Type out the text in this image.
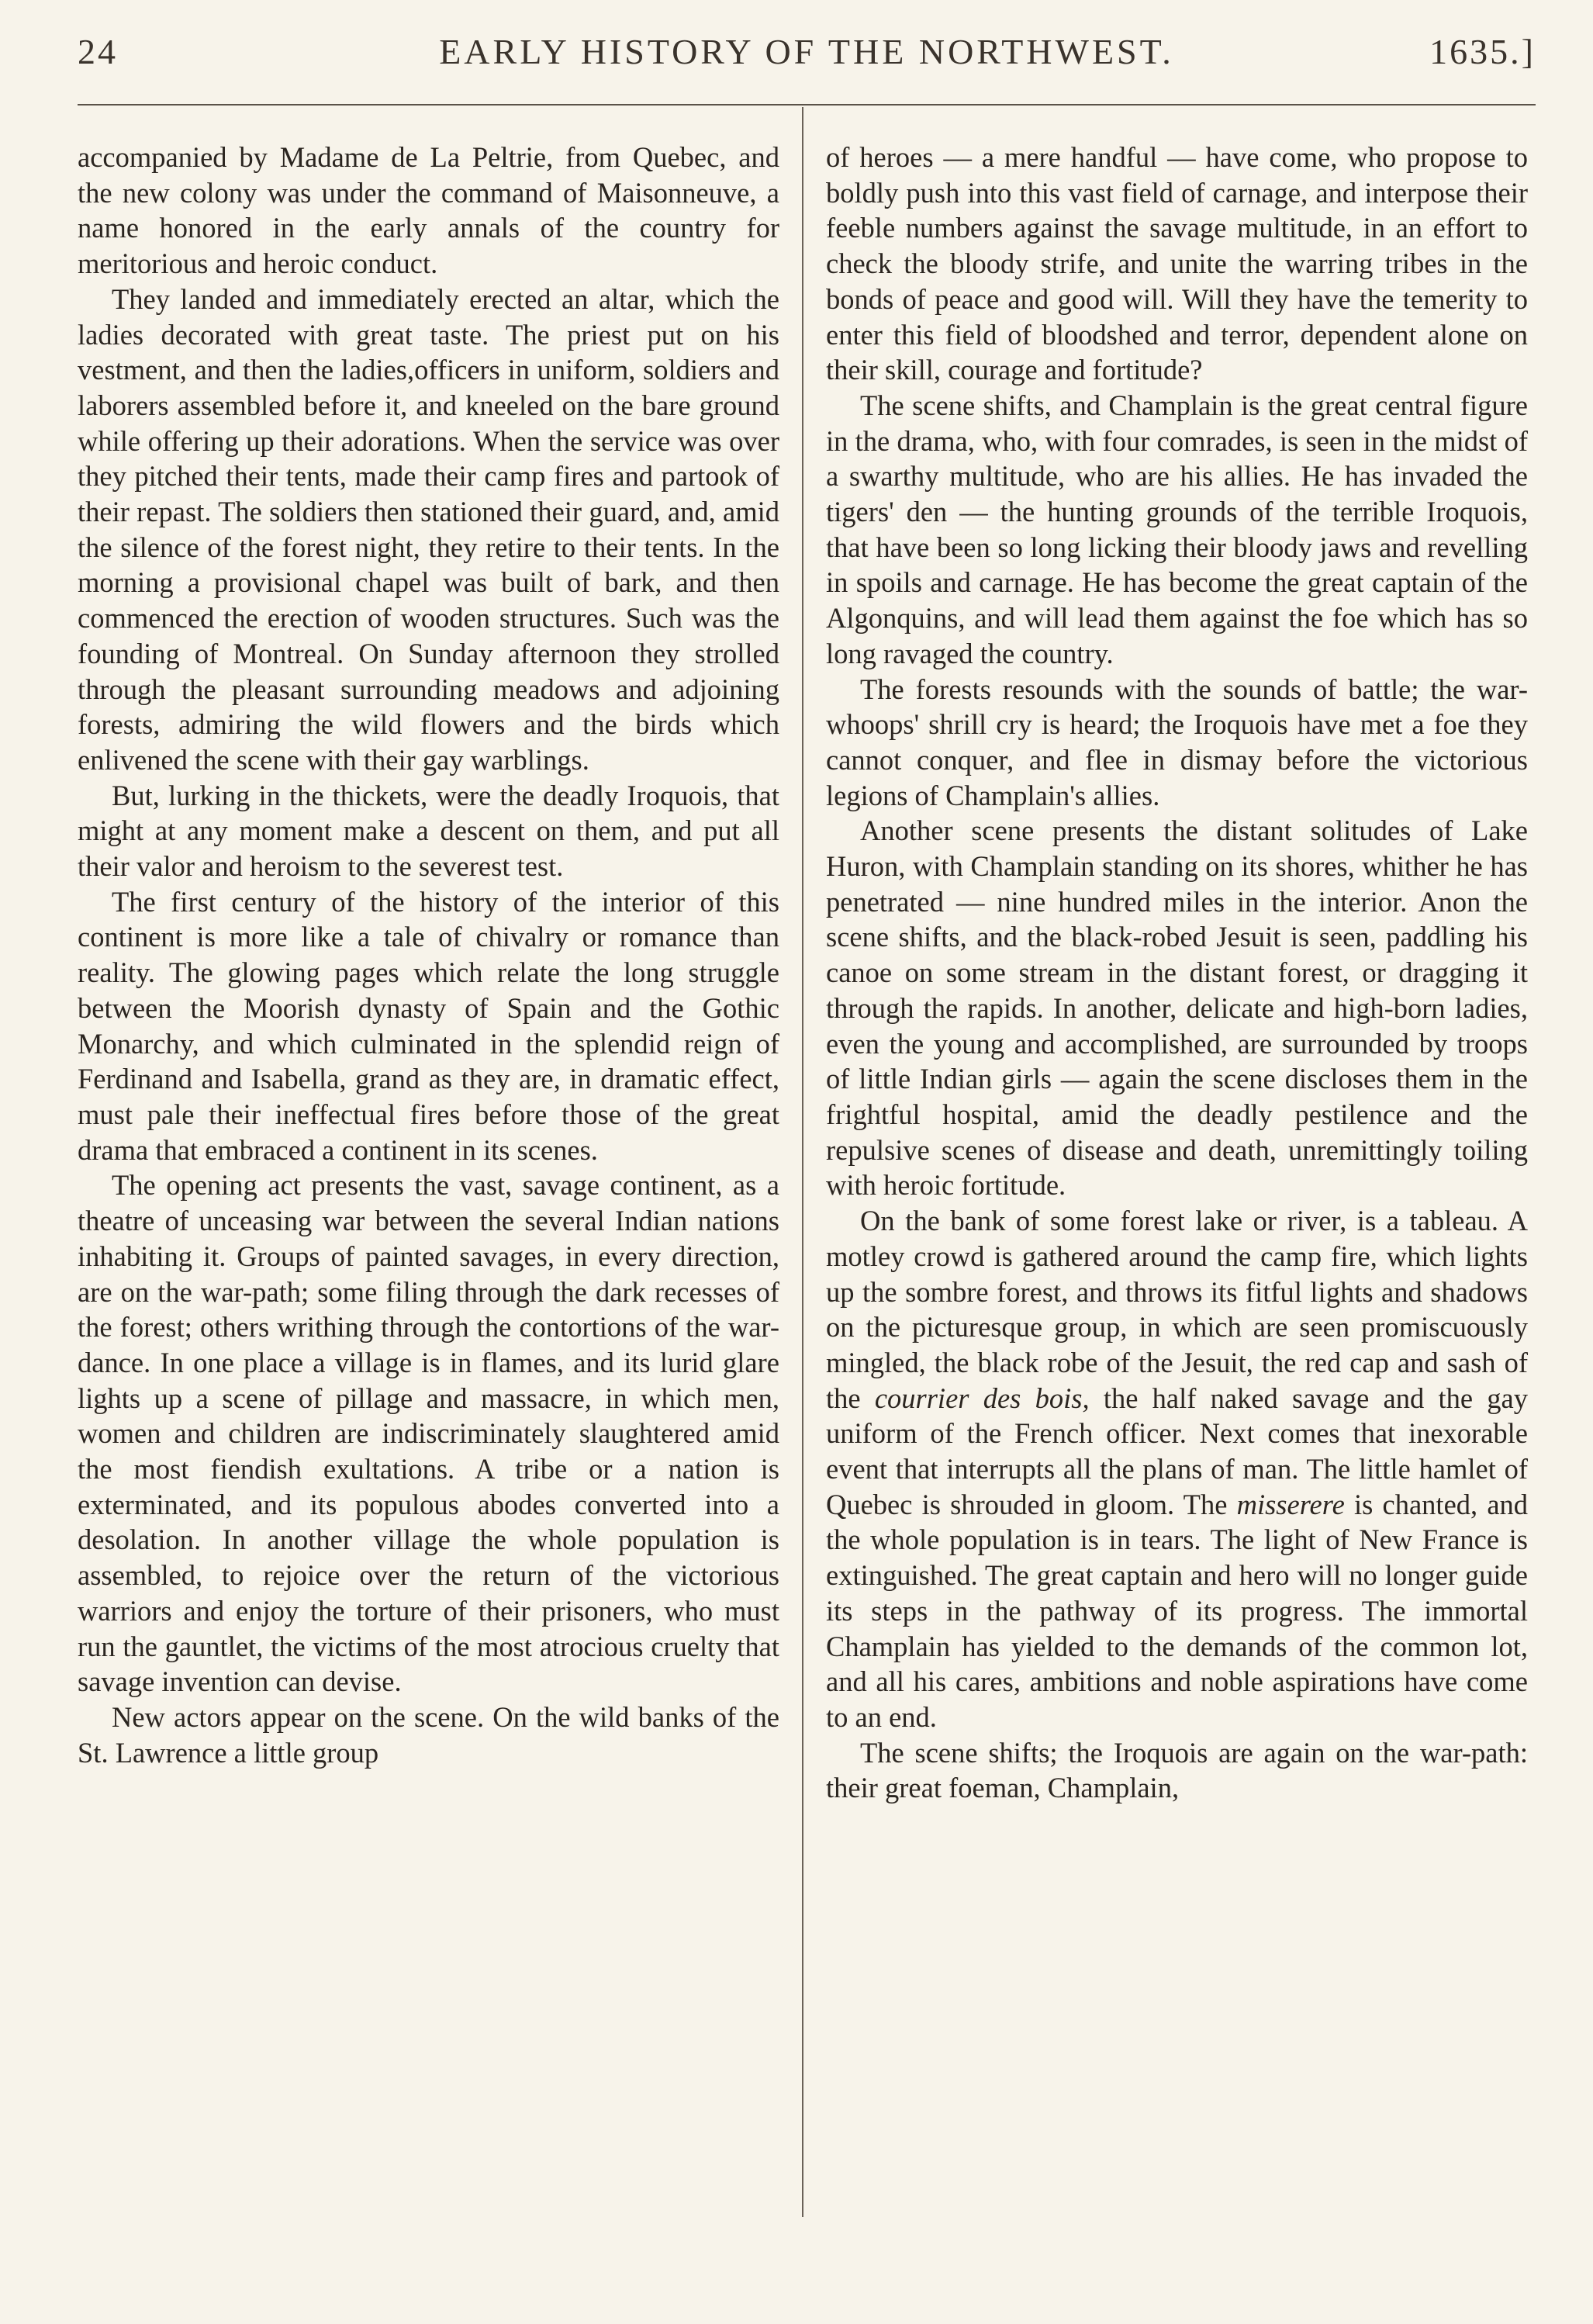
24	EARLY HISTORY OF THE NORTHWEST.	1635.]

accompanied by Madame de La Peltrie, from Quebec, and the new colony was under the command of Maisonneuve, a name honored in the early annals of the country for meritorious and heroic conduct.

They landed and immediately erected an altar, which the ladies decorated with great taste. The priest put on his vestment, and then the ladies,officers in uniform, soldiers and laborers assembled before it, and kneeled on the bare ground while offering up their adorations. When the service was over they pitched their tents, made their camp fires and partook of their repast. The soldiers then stationed their guard, and, amid the silence of the forest night, they retire to their tents. In the morning a provisional chapel was built of bark, and then commenced the erection of wooden structures. Such was the founding of Montreal. On Sunday afternoon they strolled through the pleasant surrounding meadows and adjoining forests, admiring the wild flowers and the birds which enlivened the scene with their gay warblings.

But, lurking in the thickets, were the deadly Iroquois, that might at any moment make a descent on them, and put all their valor and heroism to the severest test.

The first century of the history of the interior of this continent is more like a tale of chivalry or romance than reality. The glowing pages which relate the long struggle between the Moorish dynasty of Spain and the Gothic Monarchy, and which culminated in the splendid reign of Ferdinand and Isabella, grand as they are, in dramatic effect, must pale their ineffectual fires before those of the great drama that embraced a continent in its scenes.

The opening act presents the vast, savage continent, as a theatre of unceasing war between the several Indian nations inhabiting it. Groups of painted savages, in every direction, are on the war-path; some filing through the dark recesses of the forest; others writhing through the contortions of the war-dance. In one place a village is in flames, and its lurid glare lights up a scene of pillage and massacre, in which men, women and children are indiscriminately slaughtered amid the most fiendish exultations. A tribe or a nation is exterminated, and its populous abodes converted into a desolation. In another village the whole population is assembled, to rejoice over the return of the victorious warriors and enjoy the torture of their prisoners, who must run the gauntlet, the victims of the most atrocious cruelty that savage invention can devise.

New actors appear on the scene. On the wild banks of the St. Lawrence a little group

of heroes — a mere handful — have come, who propose to boldly push into this vast field of carnage, and interpose their feeble numbers against the savage multitude, in an effort to check the bloody strife, and unite the warring tribes in the bonds of peace and good will. Will they have the temerity to enter this field of bloodshed and terror, dependent alone on their skill, courage and fortitude?

The scene shifts, and Champlain is the great central figure in the drama, who, with four comrades, is seen in the midst of a swarthy multitude, who are his allies. He has invaded the tigers' den — the hunting grounds of the terrible Iroquois, that have been so long licking their bloody jaws and revelling in spoils and carnage. He has become the great captain of the Algonquins, and will lead them against the foe which has so long ravaged the country.

The forests resounds with the sounds of battle; the war-whoops' shrill cry is heard; the Iroquois have met a foe they cannot conquer, and flee in dismay before the victorious legions of Champlain's allies.

Another scene presents the distant solitudes of Lake Huron, with Champlain standing on its shores, whither he has penetrated — nine hundred miles in the interior. Anon the scene shifts, and the black-robed Jesuit is seen, paddling his canoe on some stream in the distant forest, or dragging it through the rapids. In another, delicate and high-born ladies, even the young and accomplished, are surrounded by troops of little Indian girls — again the scene discloses them in the frightful hospital, amid the deadly pestilence and the repulsive scenes of disease and death, unremittingly toiling with heroic fortitude.

On the bank of some forest lake or river, is a tableau. A motley crowd is gathered around the camp fire, which lights up the sombre forest, and throws its fitful lights and shadows on the picturesque group, in which are seen promiscuously mingled, the black robe of the Jesuit, the red cap and sash of the courrier des bois, the half naked savage and the gay uniform of the French officer. Next comes that inexorable event that interrupts all the plans of man. The little hamlet of Quebec is shrouded in gloom. The misserere is chanted, and the whole population is in tears. The light of New France is extinguished. The great captain and hero will no longer guide its steps in the pathway of its progress. The immortal Champlain has yielded to the demands of the common lot, and all his cares, ambitions and noble aspirations have come to an end.

The scene shifts; the Iroquois are again on the war-path: their great foeman, Champlain,
